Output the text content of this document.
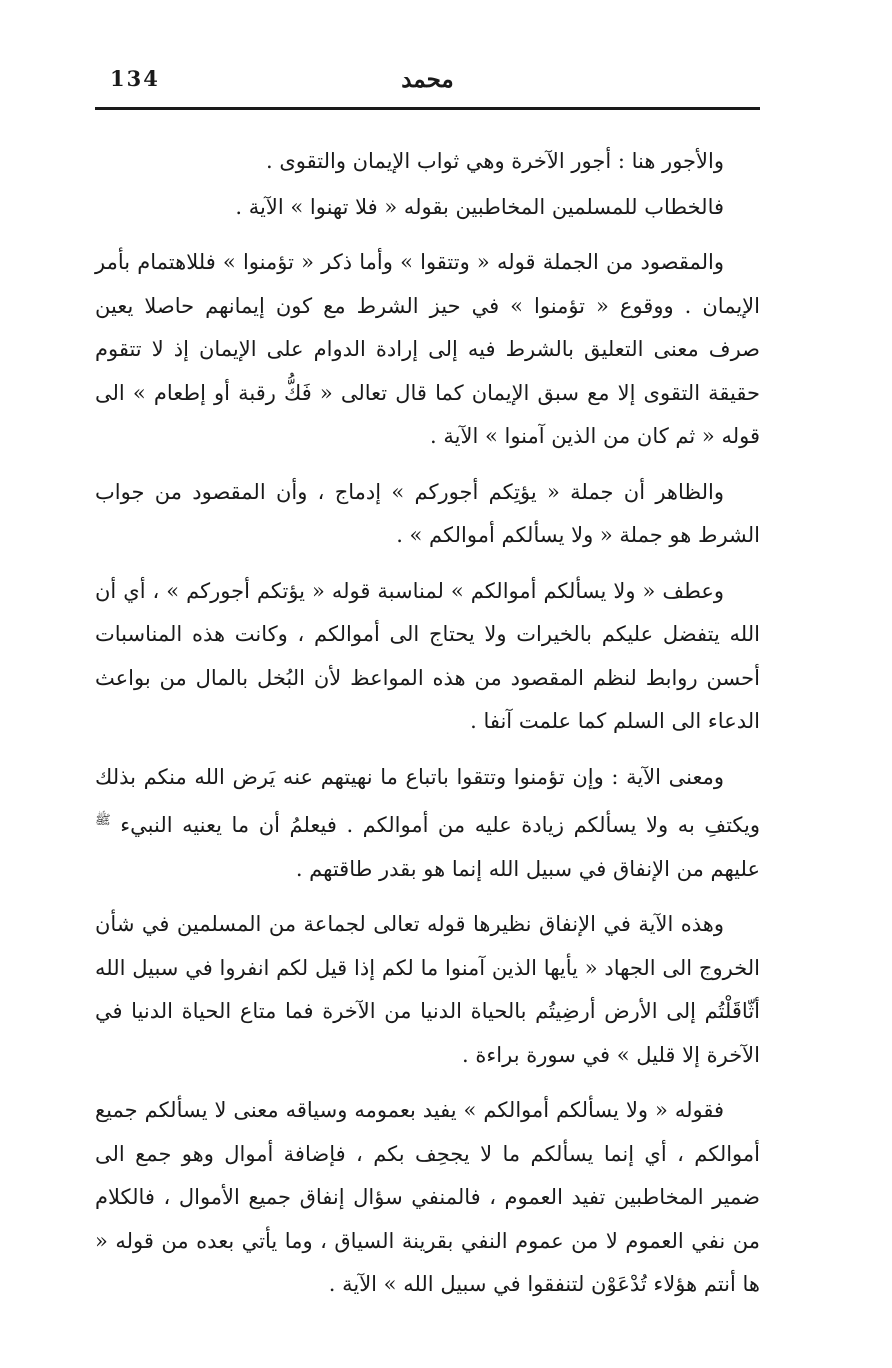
134	محمد

والأجور هنا : أجور الآخرة وهي ثواب الإيمان والتقوى .

فالخطاب للمسلمين المخاطبين بقوله « فلا تهنوا » الآية .

والمقصود من الجملة قوله « وتتقوا » وأما ذكر « تؤمنوا » فللاهتمام بأمر الإيمان . ووقوع « تؤمنوا » في حيز الشرط مع كون إيمانهم حاصلا يعين صرف معنى التعليق بالشرط فيه إلى إرادة الدوام على الإيمان إذ لا تتقوم حقيقة التقوى إلا مع سبق الإيمان كما قال تعالى « فَكُّ رقبة أو إطعام » الى قوله « ثم كان من الذين آمنوا » الآية .

والظاهر أن جملة « يؤتِكم أجوركم » إدماج ، وأن المقصود من جواب الشرط هو جملة « ولا يسألكم أموالكم » .

وعطف « ولا يسألكم أموالكم » لمناسبة قوله « يؤتكم أجوركم » ، أي أن الله يتفضل عليكم بالخيرات ولا يحتاج الى أموالكم ، وكانت هذه المناسبات أحسن روابط لنظم المقصود من هذه المواعظ لأن البُخل بالمال من بواعث الدعاء الى السلم كما علمت آنفا .

ومعنى الآية : وإن تؤمنوا وتتقوا باتباع ما نهيتهم عنه يَرض الله منكم بذلك ويكتفِ به ولا يسألكم زيادة عليه من أموالكم . فيعلمُ أن ما يعنيه النبيء $^ﷺ$ عليهم من الإنفاق في سبيل الله إنما هو بقدر طاقتهم .

وهذه الآية في الإنفاق نظيرها قوله تعالى لجماعة من المسلمين في شأن الخروج الى الجهاد « يأيها الذين آمنوا ما لكم إذا قيل لكم انفروا في سبيل الله أثّاقَلْتُم إلى الأرض أرضِيتُم بالحياة الدنيا من الآخرة فما متاع الحياة الدنيا في الآخرة إلا قليل » في سورة براءة .

فقوله « ولا يسألكم أموالكم » يفيد بعمومه وسياقه معنى لا يسألكم جميع أموالكم ، أي إنما يسألكم ما لا يجحِف بكم ، فإضافة أموال وهو جمع الى ضمير المخاطبين تفيد العموم ، فالمنفي سؤال إنفاق جميع الأموال ، فالكلام من نفي العموم لا من عموم النفي بقرينة السياق ، وما يأتي بعده من قوله « ها أنتم هؤلاء تُدْعَوْن لتنفقوا في سبيل الله » الآية .
